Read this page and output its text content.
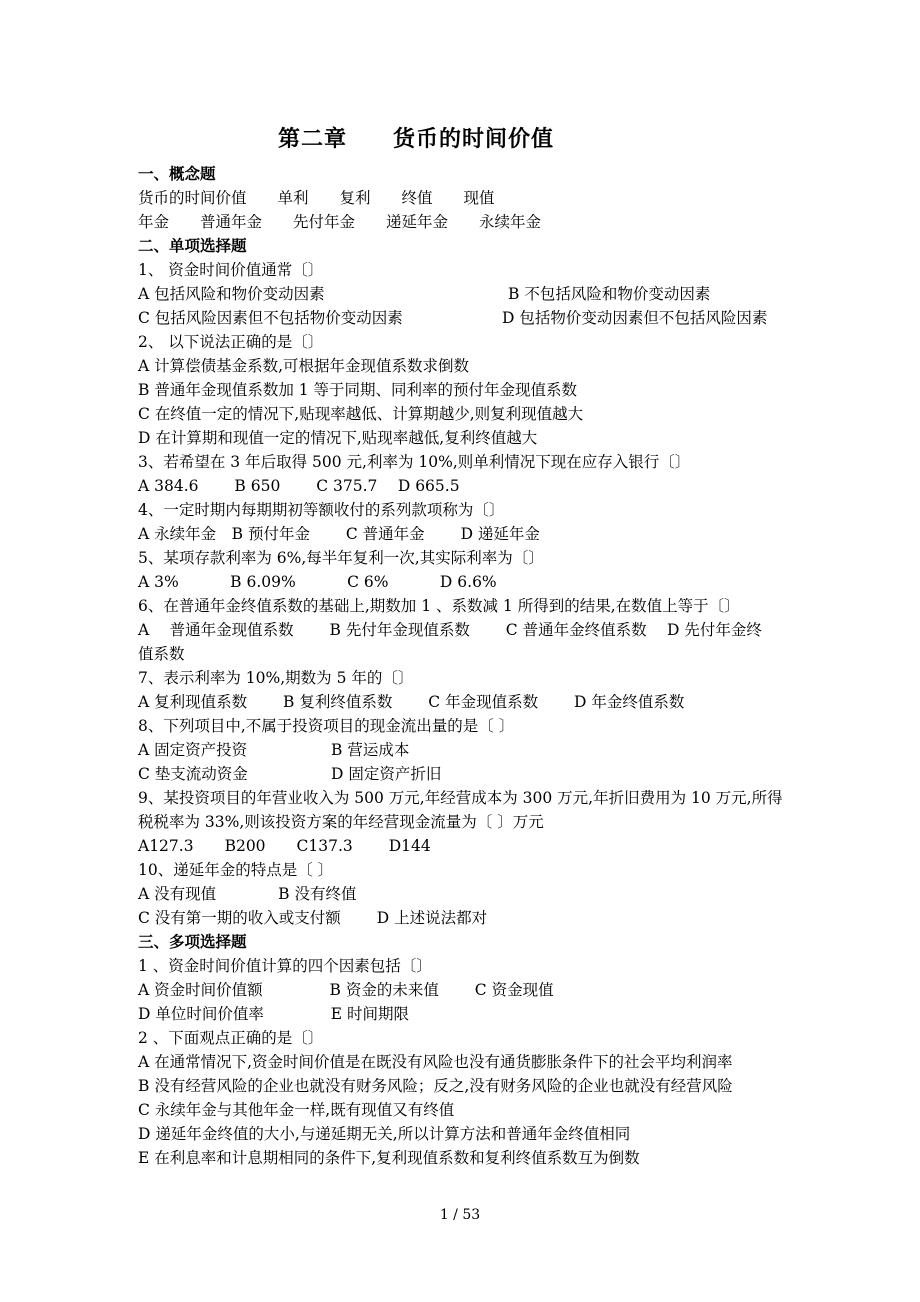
第二章　　货币的时间价值
一、概念题
货币的时间价值　　单利　　复利　　终值　　现值
年金　　普通年金　　先付年金　　递延年金　　永续年金
二、单项选择题
1、 资金时间价值通常〔〕
A 包括风险和物价变动因素	B 不包括风险和物价变动因素
C 包括风险因素但不包括物价变动因素	D 包括物价变动因素但不包括风险因素
2、 以下说法正确的是〔〕
A 计算偿债基金系数,可根据年金现值系数求倒数
B 普通年金现值系数加 1 等于同期、同利率的预付年金现值系数
C 在终值一定的情况下,贴现率越低、计算期越少,则复利现值越大
D 在计算期和现值一定的情况下,贴现率越低,复利终值越大
3、若希望在 3 年后取得 500 元,利率为 10%,则单利情况下现在应存入银行〔〕
A 384.6　　 B 650　　 C 375.7　 D 665.5
4、一定时期内每期期初等额收付的系列款项称为〔〕
A 永续年金　B 预付年金　　 C 普通年金　　 D 递延年金
5、某项存款利率为 6%,每半年复利一次,其实际利率为〔〕
A 3%　　　 B 6.09%　　　 C 6%　　　 D 6.6%
6、在普通年金终值系数的基础上,期数加 1 、系数减 1 所得到的结果,在数值上等于〔〕
A　 普通年金现值系数　　 B 先付年金现值系数　　 C 普通年金终值系数　 D 先付年金终
值系数
7、表示利率为 10%,期数为 5 年的〔〕
A 复利现值系数　　 B 复利终值系数　　 C 年金现值系数　　 D 年金终值系数
8、下列项目中,不属于投资项目的现金流出量的是〔 〕
A 固定资产投资	B 营运成本
C 垫支流动资金	D 固定资产折旧
9、某投资项目的年营业收入为 500 万元,年经营成本为 300 万元,年折旧费用为 10 万元,所得
税税率为 33%,则该投资方案的年经营现金流量为〔 〕万元
A127.3　　B200　　C137.3　　 D144
10、递延年金的特点是〔 〕
A 没有现值　　　　B 没有终值
C 没有第一期的收入或支付额　　 D 上述说法都对
三、多项选择题
1 、资金时间价值计算的四个因素包括〔〕
A 资金时间价值额　　　　 B 资金的未来值　　 C 资金现值
D 单位时间价值率　　　　 E 时间期限
2 、下面观点正确的是〔〕
A 在通常情况下,资金时间价值是在既没有风险也没有通货膨胀条件下的社会平均利润率
B 没有经营风险的企业也就没有财务风险；反之,没有财务风险的企业也就没有经营风险
C 永续年金与其他年金一样,既有现值又有终值
D 递延年金终值的大小,与递延期无关,所以计算方法和普通年金终值相同
E 在利息率和计息期相同的条件下,复利现值系数和复利终值系数互为倒数
1 / 53
